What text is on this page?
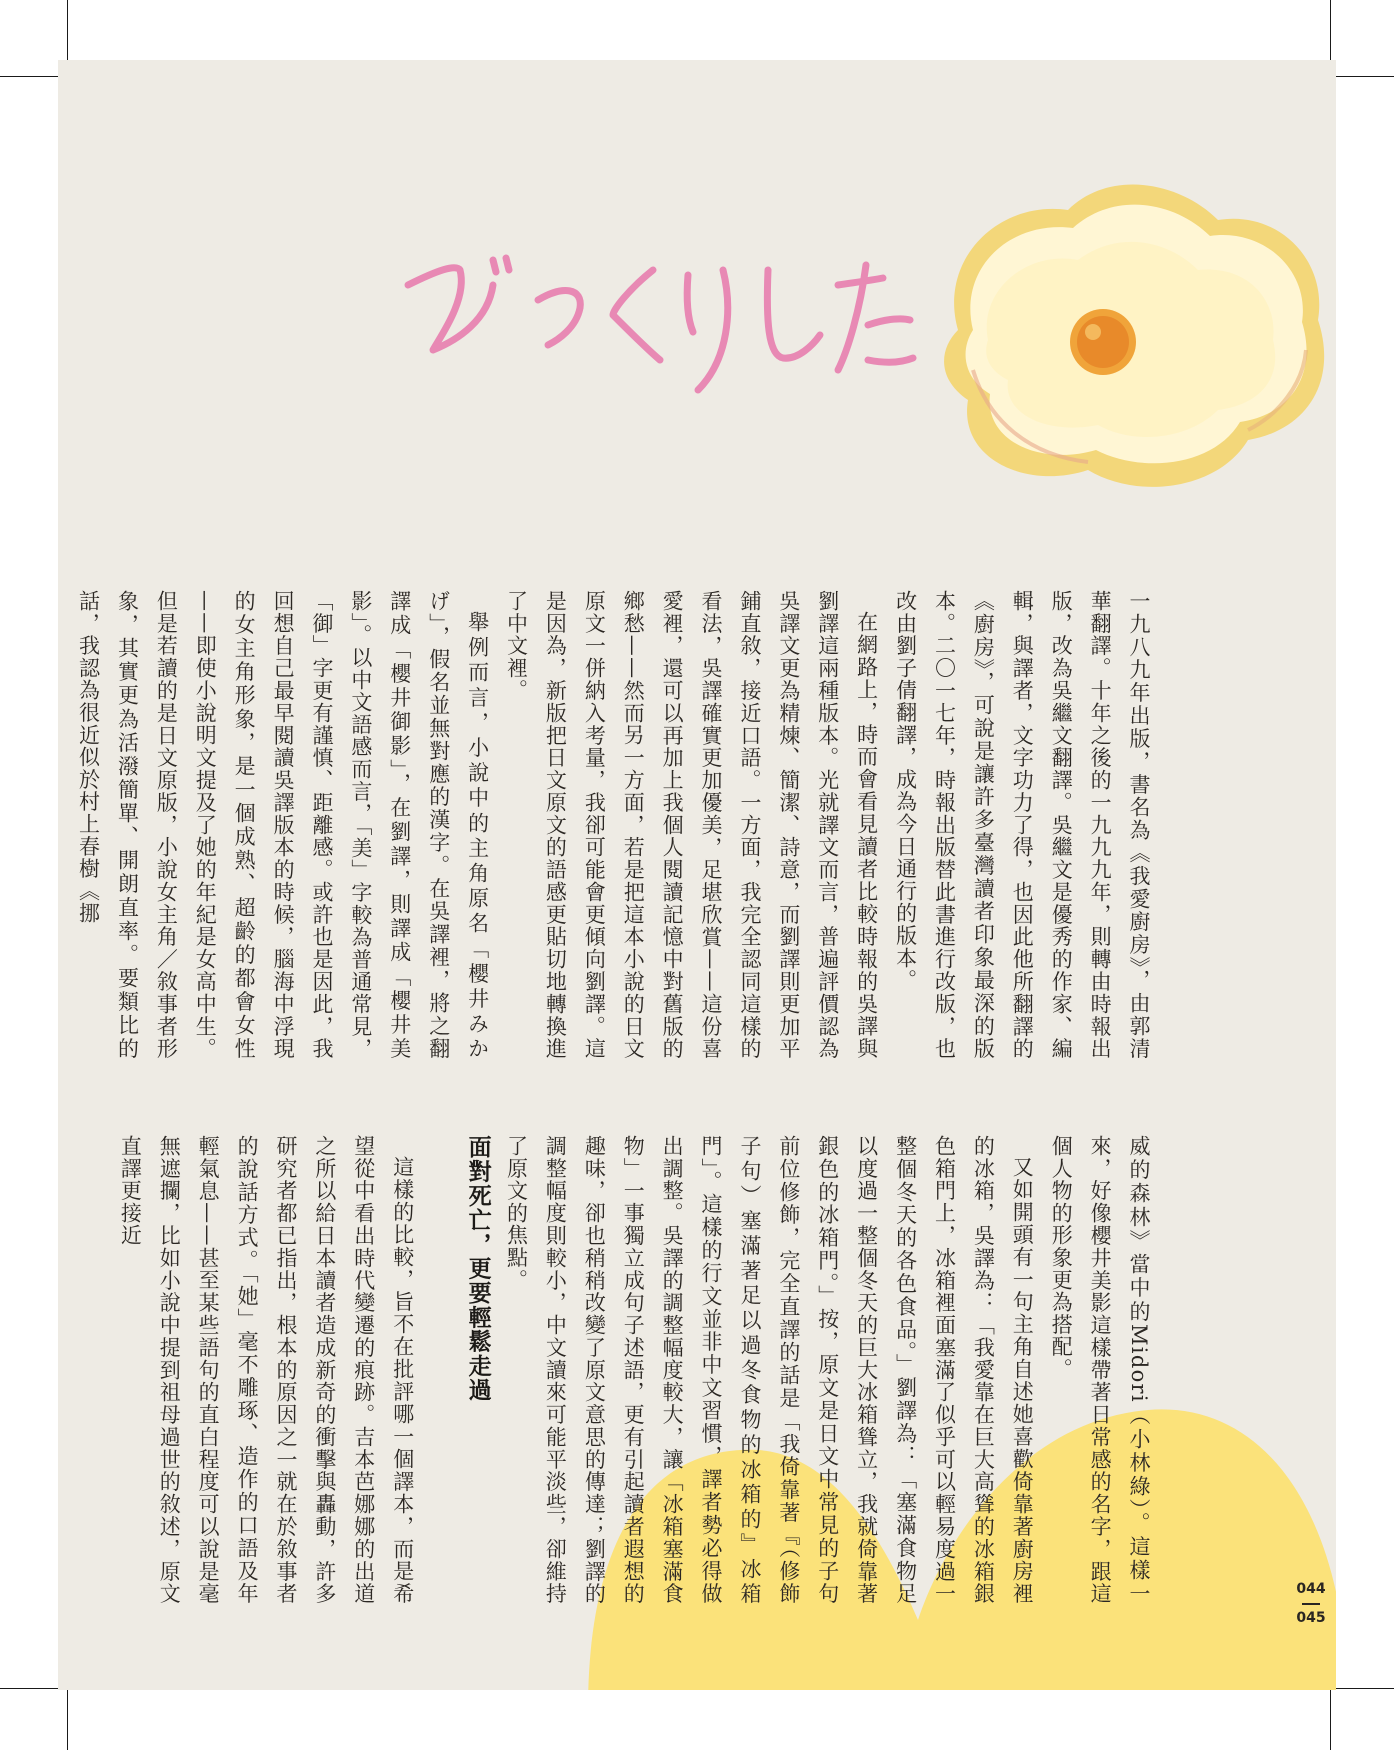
びっくりした

一九八九年出版，書名為《我愛廚房》，由郭清華翻譯。十年之後的一九九九年，則轉由時報出版，改為吳繼文翻譯。吳繼文是優秀的作家、編輯，與譯者，文字功力了得，也因此他所翻譯的《廚房》，可說是讓許多臺灣讀者印象最深的版本。二〇一七年，時報出版替此書進行改版，也改由劉子倩翻譯，成為今日通行的版本。

在網路上，時而會看見讀者比較時報的吳譯與劉譯這兩種版本。光就譯文而言，普遍評價認為吳譯文更為精煉、簡潔、詩意，而劉譯則更加平鋪直敘，接近口語。一方面，我完全認同這樣的看法，吳譯確實更加優美，足堪欣賞——這份喜愛裡，還可以再加上我個人閱讀記憶中對舊版的鄉愁——然而另一方面，若是把這本小說的日文原文一併納入考量，我卻可能會更傾向劉譯。這是因為，新版把日文原文的語感更貼切地轉換進了中文裡。

舉例而言，小說中的主角原名「櫻井みかげ」，假名並無對應的漢字。在吳譯裡，將之翻譯成「櫻井御影」，在劉譯，則譯成「櫻井美影」。以中文語感而言，「美」字較為普通常見，「御」字更有謹慎、距離感。或許也是因此，我回想自己最早閱讀吳譯版本的時候，腦海中浮現的女主角形象，是一個成熟、超齡的都會女性——即使小說明文提及了她的年紀是女高中生。但是若讀的是日文原版，小說女主角／敘事者形象，其實更為活潑簡單、開朗直率。要類比的話，我認為很近似於村上春樹《挪

威的森林》當中的Midori（小林綠）。這樣一來，好像櫻井美影這樣帶著日常感的名字，跟這個人物的形象更為搭配。

又如開頭有一句主角自述她喜歡倚靠著廚房裡的冰箱，吳譯為：「我愛靠在巨大高聳的冰箱銀色箱門上，冰箱裡面塞滿了似乎可以輕易度過一整個冬天的各色食品。」劉譯為：「塞滿食物足以度過一整個冬天的巨大冰箱聳立，我就倚靠著銀色的冰箱門。」按，原文是日文中常見的子句前位修飾，完全直譯的話是「我倚靠著『（修飾子句）塞滿著足以過冬食物的冰箱的』冰箱門」。這樣的行文並非中文習慣，譯者勢必得做出調整。吳譯的調整幅度較大，讓「冰箱塞滿食物」一事獨立成句子述語，更有引起讀者遐想的趣味，卻也稍稍改變了原文意思的傳達；劉譯的調整幅度則較小，中文讀來可能平淡些，卻維持了原文的焦點。

面對死亡，更要輕鬆走過

這樣的比較，旨不在批評哪一個譯本，而是希望從中看出時代變遷的痕跡。吉本芭娜娜的出道之所以給日本讀者造成新奇的衝擊與轟動，許多研究者都已指出，根本的原因之一就在於敘事者的說話方式。「她」毫不雕琢、造作的口語及年輕氣息——甚至某些語句的直白程度可以說是毫無遮攔，比如小說中提到祖母過世的敘述，原文直譯更接近

044
045
